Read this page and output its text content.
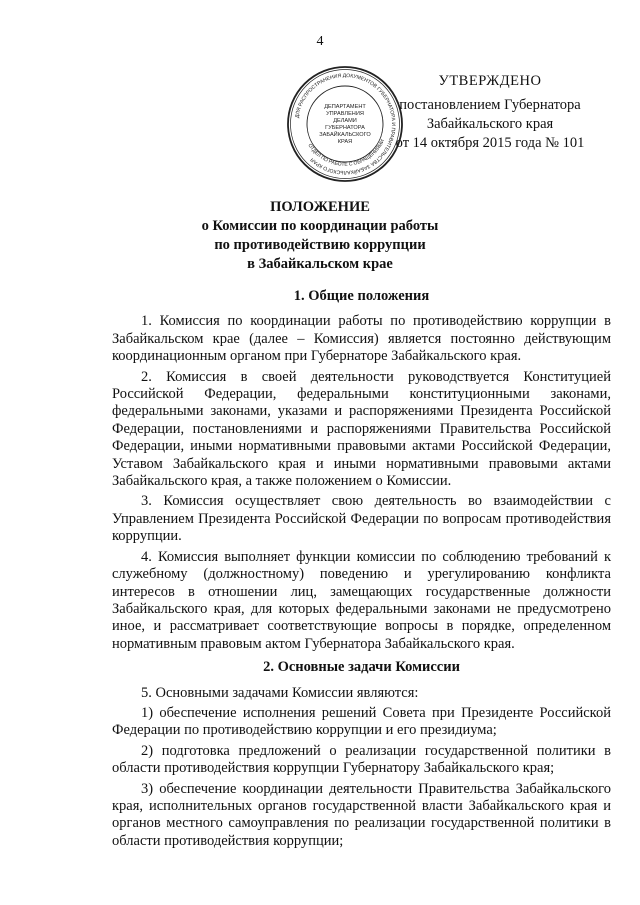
4
ДЛЯ РАСПРОСТРАНЕНИЯ ДОКУМЕНТОВ ГУБЕРНАТОРА И ПРАВИТЕЛЬСТВА ЗАБАЙКАЛЬСКОГО КРАЯ
ОТДЕЛ ПО РАБОТЕ С ОБРАЩЕНИЯМИ
ДЕПАРТАМЕНТ
УПРАВЛЕНИЯ
ДЕЛАМИ
ГУБЕРНАТОРА
ЗАБАЙКАЛЬСКОГО
КРАЯ
УТВЕРЖДЕНО
постановлением Губернатора
Забайкальского края
от 14 октября 2015 года № 101
ПОЛОЖЕНИЕ
о Комиссии по координации работы
по противодействию коррупции
в Забайкальском крае
1. Общие положения

1. Комиссия по координации работы по противодействию коррупции в Забайкальском крае (далее – Комиссия) является постоянно действующим координационным органом при Губернаторе Забайкальского края.

2. Комиссия в своей деятельности руководствуется Конституцией Российской Федерации, федеральными конституционными законами, федеральными законами, указами и распоряжениями Президента Российской Федерации, постановлениями и распоряжениями Правительства Российской Федерации, иными нормативными правовыми актами Российской Федерации, Уставом Забайкальского края и иными нормативными правовыми актами Забайкальского края, а также положением о Комиссии.

3. Комиссия осуществляет свою деятельность во взаимодействии с Управлением Президента Российской Федерации по вопросам противодействия коррупции.

4. Комиссия выполняет функции комиссии по соблюдению требований к служебному (должностному) поведению и урегулированию конфликта интересов в отношении лиц, замещающих государственные должности Забайкальского края, для которых федеральными законами не предусмотрено иное, и рассматривает соответствующие вопросы в порядке, определенном нормативным правовым актом Губернатора Забайкальского края.

2. Основные задачи Комиссии

5. Основными задачами Комиссии являются:

1) обеспечение исполнения решений Совета при Президенте Российской Федерации по противодействию коррупции и его президиума;

2) подготовка предложений о реализации государственной политики в области противодействия коррупции Губернатору Забайкальского края;

3) обеспечение координации деятельности Правительства Забайкальского края, исполнительных органов государственной власти Забайкальского края и органов местного самоуправления по реализации государственной политики в области противодействия коррупции;
